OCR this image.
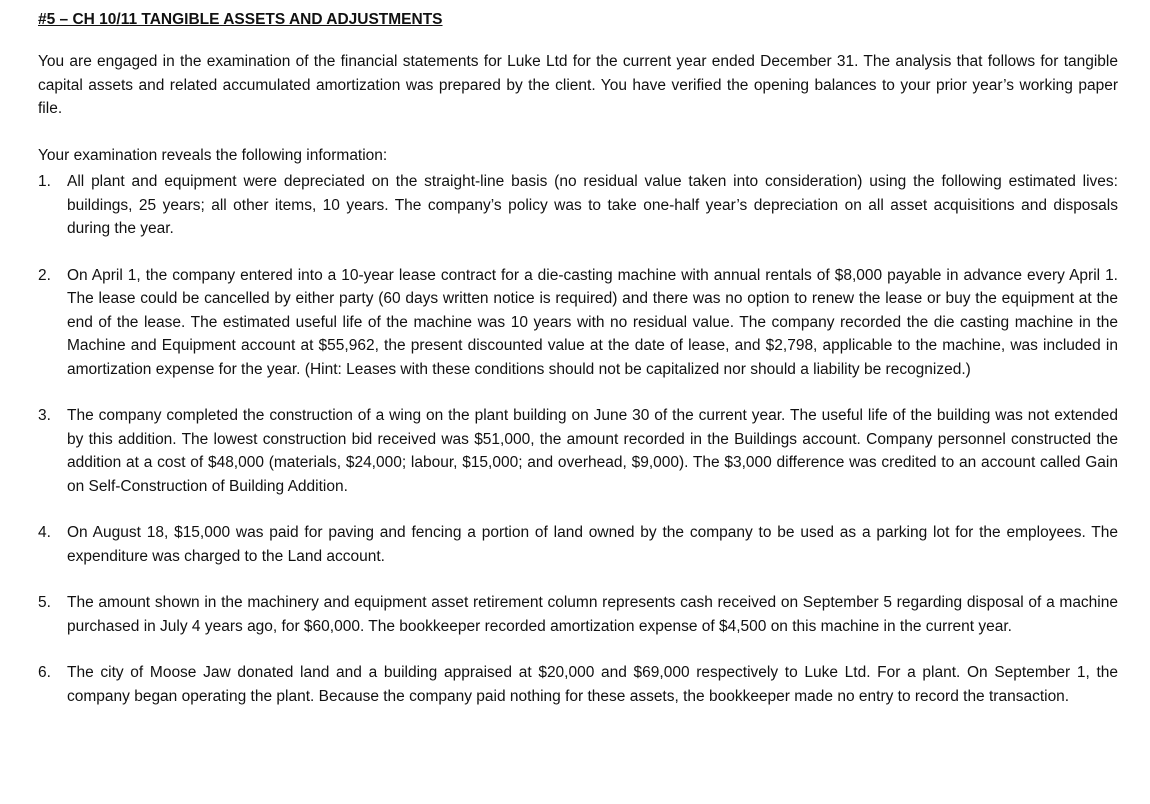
#5 – CH 10/11 TANGIBLE ASSETS AND ADJUSTMENTS

You are engaged in the examination of the financial statements for Luke Ltd for the current year ended December 31. The analysis that follows for tangible capital assets and related accumulated amortization was prepared by the client. You have verified the opening balances to your prior year’s working paper file.

Your examination reveals the following information:

1.	All plant and equipment were depreciated on the straight-line basis (no residual value taken into consideration) using the following estimated lives: buildings, 25 years; all other items, 10 years. The company’s policy was to take one-half year’s depreciation on all asset acquisitions and disposals during the year.

2.	On April 1, the company entered into a 10-year lease contract for a die-casting machine with annual rentals of $8,000 payable in advance every April 1. The lease could be cancelled by either party (60 days written notice is required) and there was no option to renew the lease or buy the equipment at the end of the lease. The estimated useful life of the machine was 10 years with no residual value. The company recorded the die casting machine in the Machine and Equipment account at $55,962, the present discounted value at the date of lease, and $2,798, applicable to the machine, was included in amortization expense for the year. (Hint: Leases with these conditions should not be capitalized nor should a liability be recognized.)

3.	The company completed the construction of a wing on the plant building on June 30 of the current year. The useful life of the building was not extended by this addition. The lowest construction bid received was $51,000, the amount recorded in the Buildings account. Company personnel constructed the addition at a cost of $48,000 (materials, $24,000; labour, $15,000; and overhead, $9,000). The $3,000 difference was credited to an account called Gain on Self-Construction of Building Addition.

4.	On August 18, $15,000 was paid for paving and fencing a portion of land owned by the company to be used as a parking lot for the employees. The expenditure was charged to the Land account.

5.	The amount shown in the machinery and equipment asset retirement column represents cash received on September 5 regarding disposal of a machine purchased in July 4 years ago, for $60,000. The bookkeeper recorded amortization expense of $4,500 on this machine in the current year.

6.	The city of Moose Jaw donated land and a building appraised at $20,000 and $69,000 respectively to Luke Ltd. For a plant. On September 1, the company began operating the plant. Because the company paid nothing for these assets, the bookkeeper made no entry to record the transaction.
